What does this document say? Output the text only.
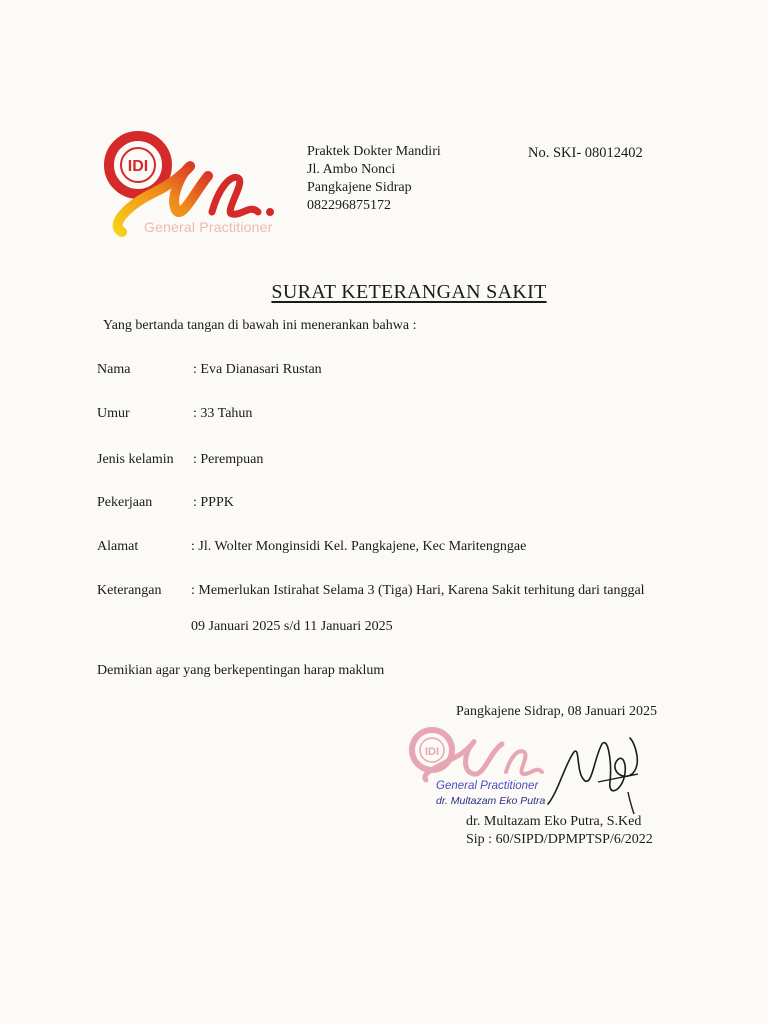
IDI
General Practitioner
Praktek Dokter Mandiri
Jl. Ambo Nonci
Pangkajene Sidrap
082296875172
No. SKI- 08012402
SURAT KETERANGAN SAKIT
Yang bertanda tangan di bawah ini menerankan bahwa :
Nama	: Eva Dianasari Rustan
Umur	: 33 Tahun
Jenis kelamin : Perempuan
Pekerjaan	: PPPK
Alamat	: Jl. Wolter Monginsidi Kel. Pangkajene, Kec Maritengngae
Keterangan : Memerlukan Istirahat Selama 3 (Tiga) Hari, Karena Sakit terhitung dari tanggal
09 Januari 2025 s/d 11 Januari 2025
Demikian agar yang berkepentingan harap maklum
Pangkajene Sidrap, 08 Januari 2025
IDI
General Practitioner
dr. Multazam Eko Putra
dr. Multazam Eko Putra, S.Ked
Sip : 60/SIPD/DPMPTSP/6/2022
